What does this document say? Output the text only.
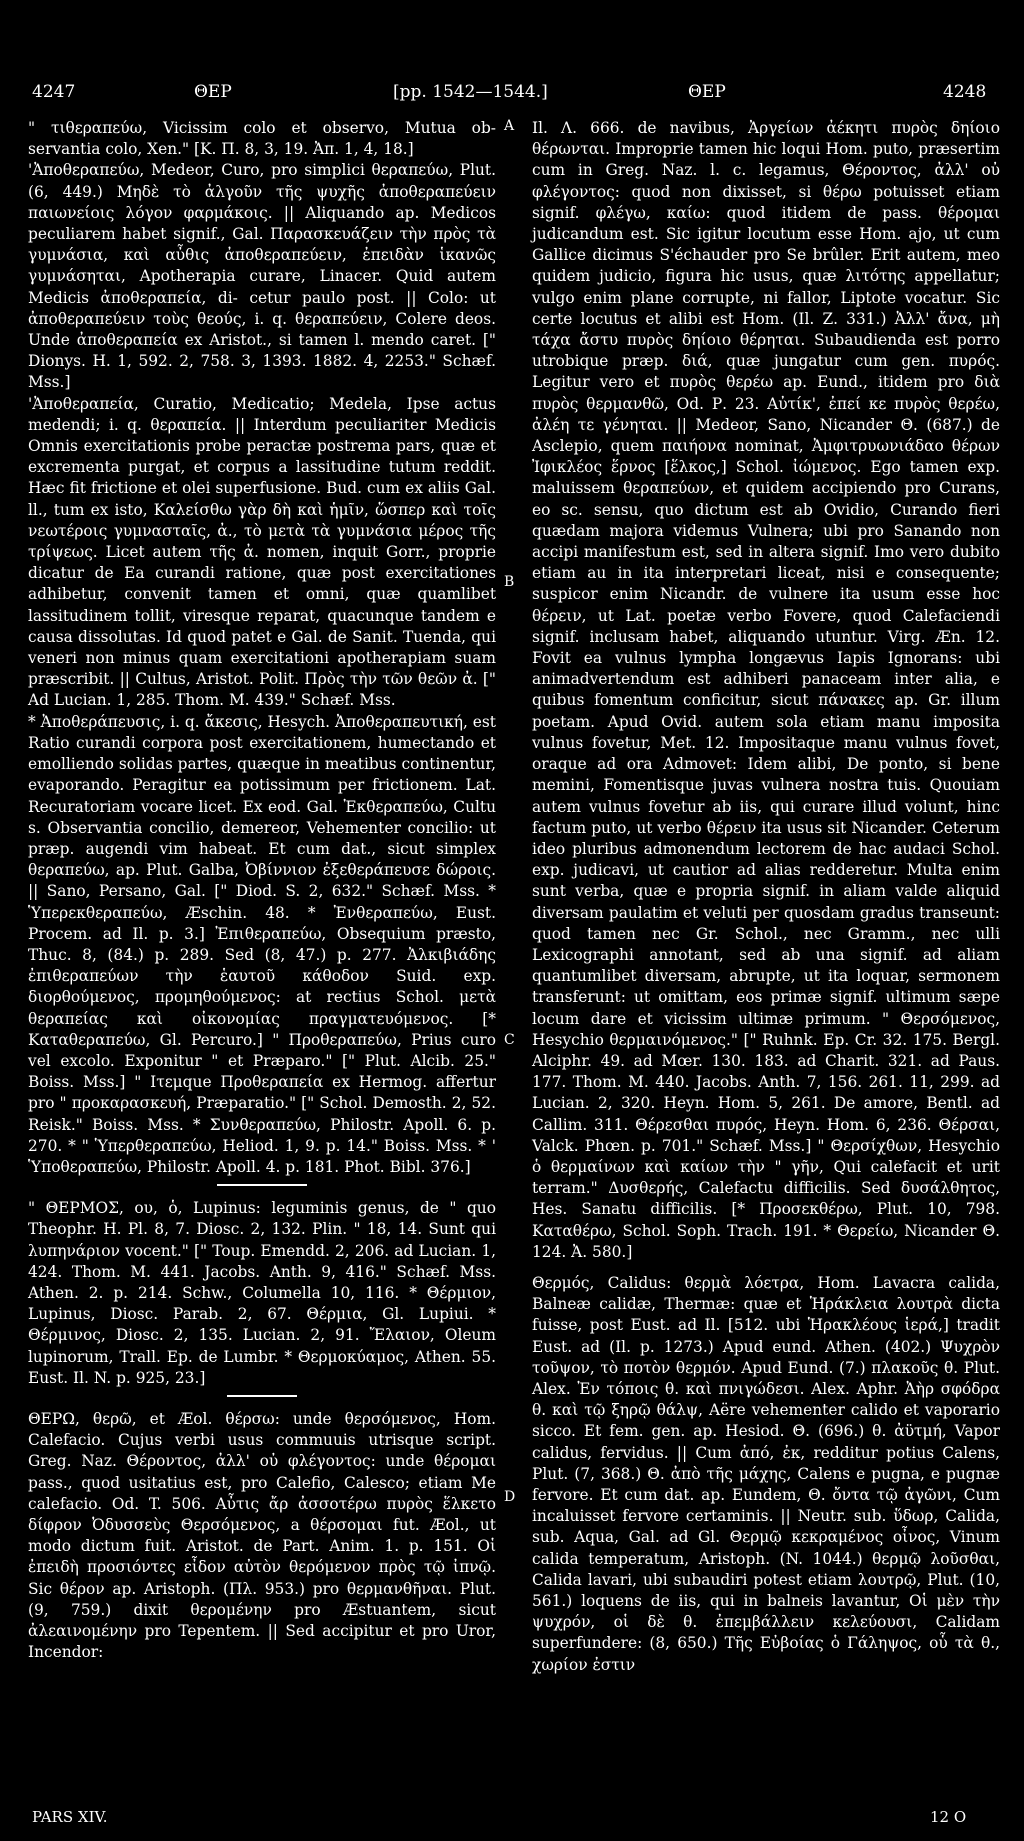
4247	ΘΕΡ	[pp. 1542—1544.]	ΘΕΡ	4248

" τιθεραπεύω, Vicissim colo et observo, Mutua ob- servantia colo, Xen." [K. Π. 8, 3, 19. Ἀπ. 1, 4, 18.]

'Ἀποθεραπεύω, Medeor, Curo, pro simplici θεραπεύω, Plut. (6, 449.) Μηδὲ τὸ ἀλγοῦν τῆς ψυχῆς ἀποθεραπεύειν παιωνείοις λόγον φαρμάκοις. || Aliquando ap. Medicos peculiarem habet signif., Gal. Παρασκευάζειν τὴν πρὸς τὰ γυμνάσια, καὶ αὖθις ἀποθεραπεύειν, ἐπειδὰν ἱκανῶς γυμνάσηται, Apotherapia curare, Linacer. Quid autem Medicis ἀποθεραπεία, di- cetur paulo post. || Colo: ut ἀποθεραπεύειν τοὺς θεούς, i. q. θεραπεύειν, Colere deos. Unde ἀποθεραπεία ex Aristot., si tamen l. mendo caret. [" Dionys. H. 1, 592. 2, 758. 3, 1393. 1882. 4, 2253." Schæf. Mss.]

'Ἀποθεραπεία, Curatio, Medicatio; Medela, Ipse actus medendi; i. q. θεραπεία. || Interdum peculiariter Medicis Omnis exercitationis probe peractæ postrema pars, quæ et excrementa purgat, et corpus a lassitudine tutum reddit. Hæc fit frictione et olei superfusione. Bud. cum ex aliis Gal. ll., tum ex isto, Καλείσθω γὰρ δὴ καὶ ἡμῖν, ὥσπερ καὶ τοῖς νεωτέροις γυμνασταῖς, ἀ., τὸ μετὰ τὰ γυμνάσια μέρος τῆς τρίψεως. Licet autem τῆς ἀ. nomen, inquit Gorr., proprie dicatur de Ea curandi ratione, quæ post exercitationes adhibetur, convenit tamen et omni, quæ quamlibet lassitudinem tollit, viresque reparat, quacunque tandem e causa dissolutas. Id quod patet e Gal. de Sanit. Tuenda, qui veneri non minus quam exercitationi apotherapiam suam præscribit. || Cultus, Aristot. Polit. Πρὸς τὴν τῶν θεῶν ἀ. [" Ad Lucian. 1, 285. Thom. M. 439." Schæf. Mss.

* Ἀποθεράπευσις, i. q. ἄκεσις, Hesych. Ἀποθεραπευτική, est Ratio curandi corpora post exercitationem, humectando et emolliendo solidas partes, quæque in meatibus continentur, evaporando. Peragitur ea potissimum per frictionem. Lat. Recuratoriam vocare licet. Ex eod. Gal. Ἐκθεραπεύω, Cultu s. Observantia concilio, demereor, Vehementer concilio: ut præp. augendi vim habeat. Et cum dat., sicut simplex θεραπεύω, ap. Plut. Galba, Ὀβίννιον ἐξεθεράπευσε δώροις. || Sano, Persano, Gal. [" Diod. S. 2, 632." Schæf. Mss. * Ὑπερεκθεραπεύω, Æschin. 48. * Ἐνθεραπεύω, Eust. Procem. ad Il. p. 3.] Ἐπιθεραπεύω, Obsequium præsto, Thuc. 8, (84.) p. 289. Sed (8, 47.) p. 277. Ἀλκιβιάδης ἐπιθεραπεύων τὴν ἑαυτοῦ κάθοδον Suid. exp. διορθούμενος, προμηθούμενος: at rectius Schol. μετὰ θεραπείας καὶ οἰκονομίας πραγματευόμενος. [* Καταθεραπεύω, Gl. Percuro.] " Προθεραπεύω, Prius curo vel excolo. Exponitur " et Præparo." [" Plut. Alcib. 25." Boiss. Mss.] " Ιτεμque Προθεραπεία ex Hermog. affertur pro " προκαρασκευή, Præparatio." [" Schol. Demosth. 2, 52. Reisk." Boiss. Mss. * Συνθεραπεύω, Philostr. Apoll. 6. p. 270. * " Ὑπερθεραπεύω, Heliod. 1, 9. p. 14." Boiss. Mss. * ' Ὑποθεραπεύω, Philostr. Apoll. 4. p. 181. Phot. Bibl. 376.]

" ΘΕΡΜΟΣ, ου, ὁ, Lupinus: leguminis genus, de " quo Theophr. H. Pl. 8, 7. Diosc. 2, 132. Plin. " 18, 14. Sunt qui λυπηνάριον vocent." [" Toup. Emendd. 2, 206. ad Lucian. 1, 424. Thom. M. 441. Jacobs. Anth. 9, 416." Schæf. Mss. Athen. 2. p. 214. Schw., Columella 10, 116. * Θέρμιον, Lupinus, Diosc. Parab. 2, 67. Θέρμια, Gl. Lupiui. * Θέρμινος, Diosc. 2, 135. Lucian. 2, 91. Ἔλαιον, Oleum lupinorum, Trall. Ep. de Lumbr. * Θερμοκύαμος, Athen. 55. Eust. Il. N. p. 925, 23.]

ΘΕΡΩ, θερῶ, et Æol. θέρσω: unde θερσόμενος, Hom. Calefacio. Cujus verbi usus commuuis utrisque script. Greg. Naz. Θέροντος, ἀλλ' οὐ φλέγοντος: unde θέρομαι pass., quod usitatius est, pro Calefio, Calesco; etiam Me calefacio. Od. T. 506. Αὖτις ἄρ ἀσσοτέρω πυρὸς ἕλκετο δίφρον Ὀδυσσεὺς Θερσόμενος, a θέρσομαι fut. Æol., ut modo dictum fuit. Aristot. de Part. Anim. 1. p. 151. Οἱ ἐπειδὴ προσιόντες εἶδον αὐτὸν θερόμενον πρὸς τῷ ἰπνῷ. Sic θέρον ap. Aristoph. (Πλ. 953.) pro θερμανθῆναι. Plut. (9, 759.) dixit θερομένην pro Æstuantem, sicut ἀλεαινομένην pro Tepentem. || Sed accipitur et pro Uror, Incendor:

A
B
C
D

Il. Λ. 666. de navibus, Ἀργείων ἀέκητι πυρὸς δηίοιο θέρωνται. Improprie tamen hic loqui Hom. puto, præsertim cum in Greg. Naz. l. c. legamus, Θέροντος, ἀλλ' οὐ φλέγοντος: quod non dixisset, si θέρω potuisset etiam signif. φλέγω, καίω: quod itidem de pass. θέρομαι judicandum est. Sic igitur locutum esse Hom. ajo, ut cum Gallice dicimus S'échauder pro Se brûler. Erit autem, meo quidem judicio, figura hic usus, quæ λιτότης appellatur; vulgo enim plane corrupte, ni fallor, Liptote vocatur. Sic certe locutus et alibi est Hom. (Il. Ζ. 331.) Ἀλλ' ἄνα, μὴ τάχα ἄστυ πυρὸς δηίοιο θέρηται. Subaudienda est porro utrobique præp. διά, quæ jungatur cum gen. πυρός. Legitur vero et πυρὸς θερέω ap. Eund., itidem pro διὰ πυρὸς θερμανθῶ, Od. Ρ. 23. Αὐτίκ', ἐπεί κε πυρὸς θερέω, ἀλέη τε γένηται. || Medeor, Sano, Nicander Θ. (687.) de Asclepio, quem παιήονα nominat, Ἀμφιτρυωνιάδαο θέρων Ἰφικλέος ἕρνος [ἕλκος,] Schol. ἰώμενος. Ego tamen exp. maluissem θεραπεύων, et quidem accipiendo pro Curans, eo sc. sensu, quo dictum est ab Ovidio, Curando fieri quædam majora videmus Vulnera; ubi pro Sanando non accipi manifestum est, sed in altera signif. Imo vero dubito etiam au in ita interpretari liceat, nisi e consequente; suspicor enim Nicandr. de vulnere ita usum esse hoc θέρειν, ut Lat. poetæ verbo Fovere, quod Calefaciendi signif. inclusam habet, aliquando utuntur. Virg. Æn. 12. Fovit ea vulnus lympha longævus Iapis Ignorans: ubi animadvertendum est adhiberi panaceam inter alia, e quibus fomentum conficitur, sicut πάνακες ap. Gr. illum poetam. Apud Ovid. autem sola etiam manu imposita vulnus fovetur, Met. 12. Impositaque manu vulnus fovet, oraque ad ora Admovet: Idem alibi, De ponto, si bene memini, Fomentisque juvas vulnera nostra tuis. Quouiam autem vulnus fovetur ab iis, qui curare illud volunt, hinc factum puto, ut verbo θέρειν ita usus sit Nicander. Ceterum ideo pluribus admonendum lectorem de hac audaci Schol. exp. judicavi, ut cautior ad alias redderetur. Multa enim sunt verba, quæ e propria signif. in aliam valde aliquid diversam paulatim et veluti per quosdam gradus transeunt: quod tamen nec Gr. Schol., nec Gramm., nec ulli Lexicographi annotant, sed ab una signif. ad aliam quantumlibet diversam, abrupte, ut ita loquar, sermonem transferunt: ut omittam, eos primæ signif. ultimum sæpe locum dare et vicissim ultimæ primum. " Θερσόμενος, Hesychio θερμαινόμενος." [" Ruhnk. Ep. Cr. 32. 175. Bergl. Alciphr. 49. ad Mœr. 130. 183. ad Charit. 321. ad Paus. 177. Thom. M. 440. Jacobs. Anth. 7, 156. 261. 11, 299. ad Lucian. 2, 320. Heyn. Hom. 5, 261. De amore, Bentl. ad Callim. 311. Θέρεσθαι πυρός, Heyn. Hom. 6, 236. Θέρσαι, Valck. Phœn. p. 701." Schæf. Mss.] " Θερσίχθων, Hesychio ὁ θερμαίνων καὶ καίων τὴν " γῆν, Qui calefacit et urit terram." Δυσθερής, Calefactu difficilis. Sed δυσάλθητος, Hes. Sanatu difficilis. [* Προσεκθέρω, Plut. 10, 798. Καταθέρω, Schol. Soph. Trach. 191. * Θερείω, Nicander Θ. 124. Ἀ. 580.]

Θερμός, Calidus: θερμὰ λόετρα, Hom. Lavacra calida, Balneæ calidæ, Thermæ: quæ et Ἡράκλεια λουτρὰ dicta fuisse, post Eust. ad Il. [512. ubi Ἡρακλέους ἱερά,] tradit Eust. ad (Il. p. 1273.) Apud eund. Athen. (402.) Ψυχρὸν τοῦψον, τὸ ποτὸν θερμόν. Apud Eund. (7.) πλακοῦς θ. Plut. Alex. Ἐν τόποις θ. καὶ πνιγώδεσι. Alex. Aphr. Ἀὴρ σφόδρα θ. καὶ τῷ ξηρῷ θάλψ, Aëre vehementer calido et vaporario sicco. Et fem. gen. ap. Hesiod. Θ. (696.) θ. ἀϋτμή, Vapor calidus, fervidus. || Cum ἀπό, ἐκ, redditur potius Calens, Plut. (7, 368.) Θ. ἀπὸ τῆς μάχης, Calens e pugna, e pugnæ fervore. Et cum dat. ap. Eundem, Θ. ὄντα τῷ ἀγῶνι, Cum incaluisset fervore certaminis. || Neutr. sub. ὕδωρ, Calida, sub. Aqua, Gal. ad Gl. Θερμῷ κεκραμένος οἶνος, Vinum calida temperatum, Aristoph. (N. 1044.) θερμῷ λοῦσθαι, Calida lavari, ubi subaudiri potest etiam λουτρῷ, Plut. (10, 561.) loquens de iis, qui in balneis lavantur, Οἱ μὲν τὴν ψυχρόν, οἱ δὲ θ. ἐπεμβάλλειν κελεύουσι, Calidam superfundere: (8, 650.) Τῆς Εὐβοίας ὁ Γάληψος, οὗ τὰ θ., χωρίον ἐστιν

PARS XIV.	12 O
